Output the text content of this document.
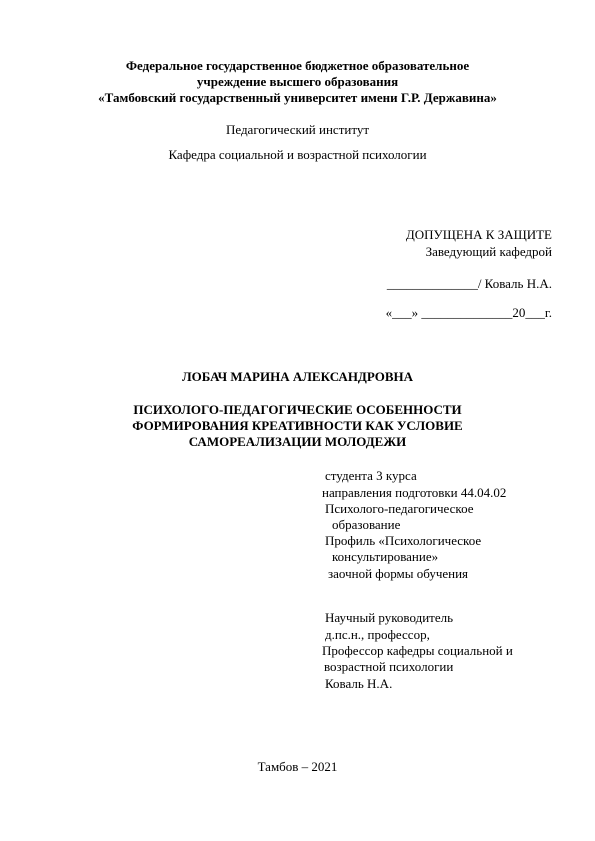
Федеральное государственное бюджетное образовательное
учреждение высшего образования
«Тамбовский государственный университет имени Г.Р. Державина»
Педагогический институт
Кафедра социальной и возрастной психологии
ДОПУЩЕНА К ЗАЩИТЕ
Заведующий кафедрой
______________/ Коваль Н.А.
«___» ______________20___г.
ЛОБАЧ МАРИНА АЛЕКСАНДРОВНА
ПСИХОЛОГО-ПЕДАГОГИЧЕСКИЕ ОСОБЕННОСТИ
ФОРМИРОВАНИЯ КРЕАТИВНОСТИ КАК УСЛОВИЕ
САМОРЕАЛИЗАЦИИ МОЛОДЕЖИ
студента 3 курса
направления подготовки 44.04.02
Психолого-педагогическое
образование
Профиль «Психологическое
консультирование»
заочной формы обучения
Научный руководитель
д.пс.н., профессор,
Профессор кафедры социальной и
возрастной психологии
Коваль Н.А.
Тамбов – 2021
